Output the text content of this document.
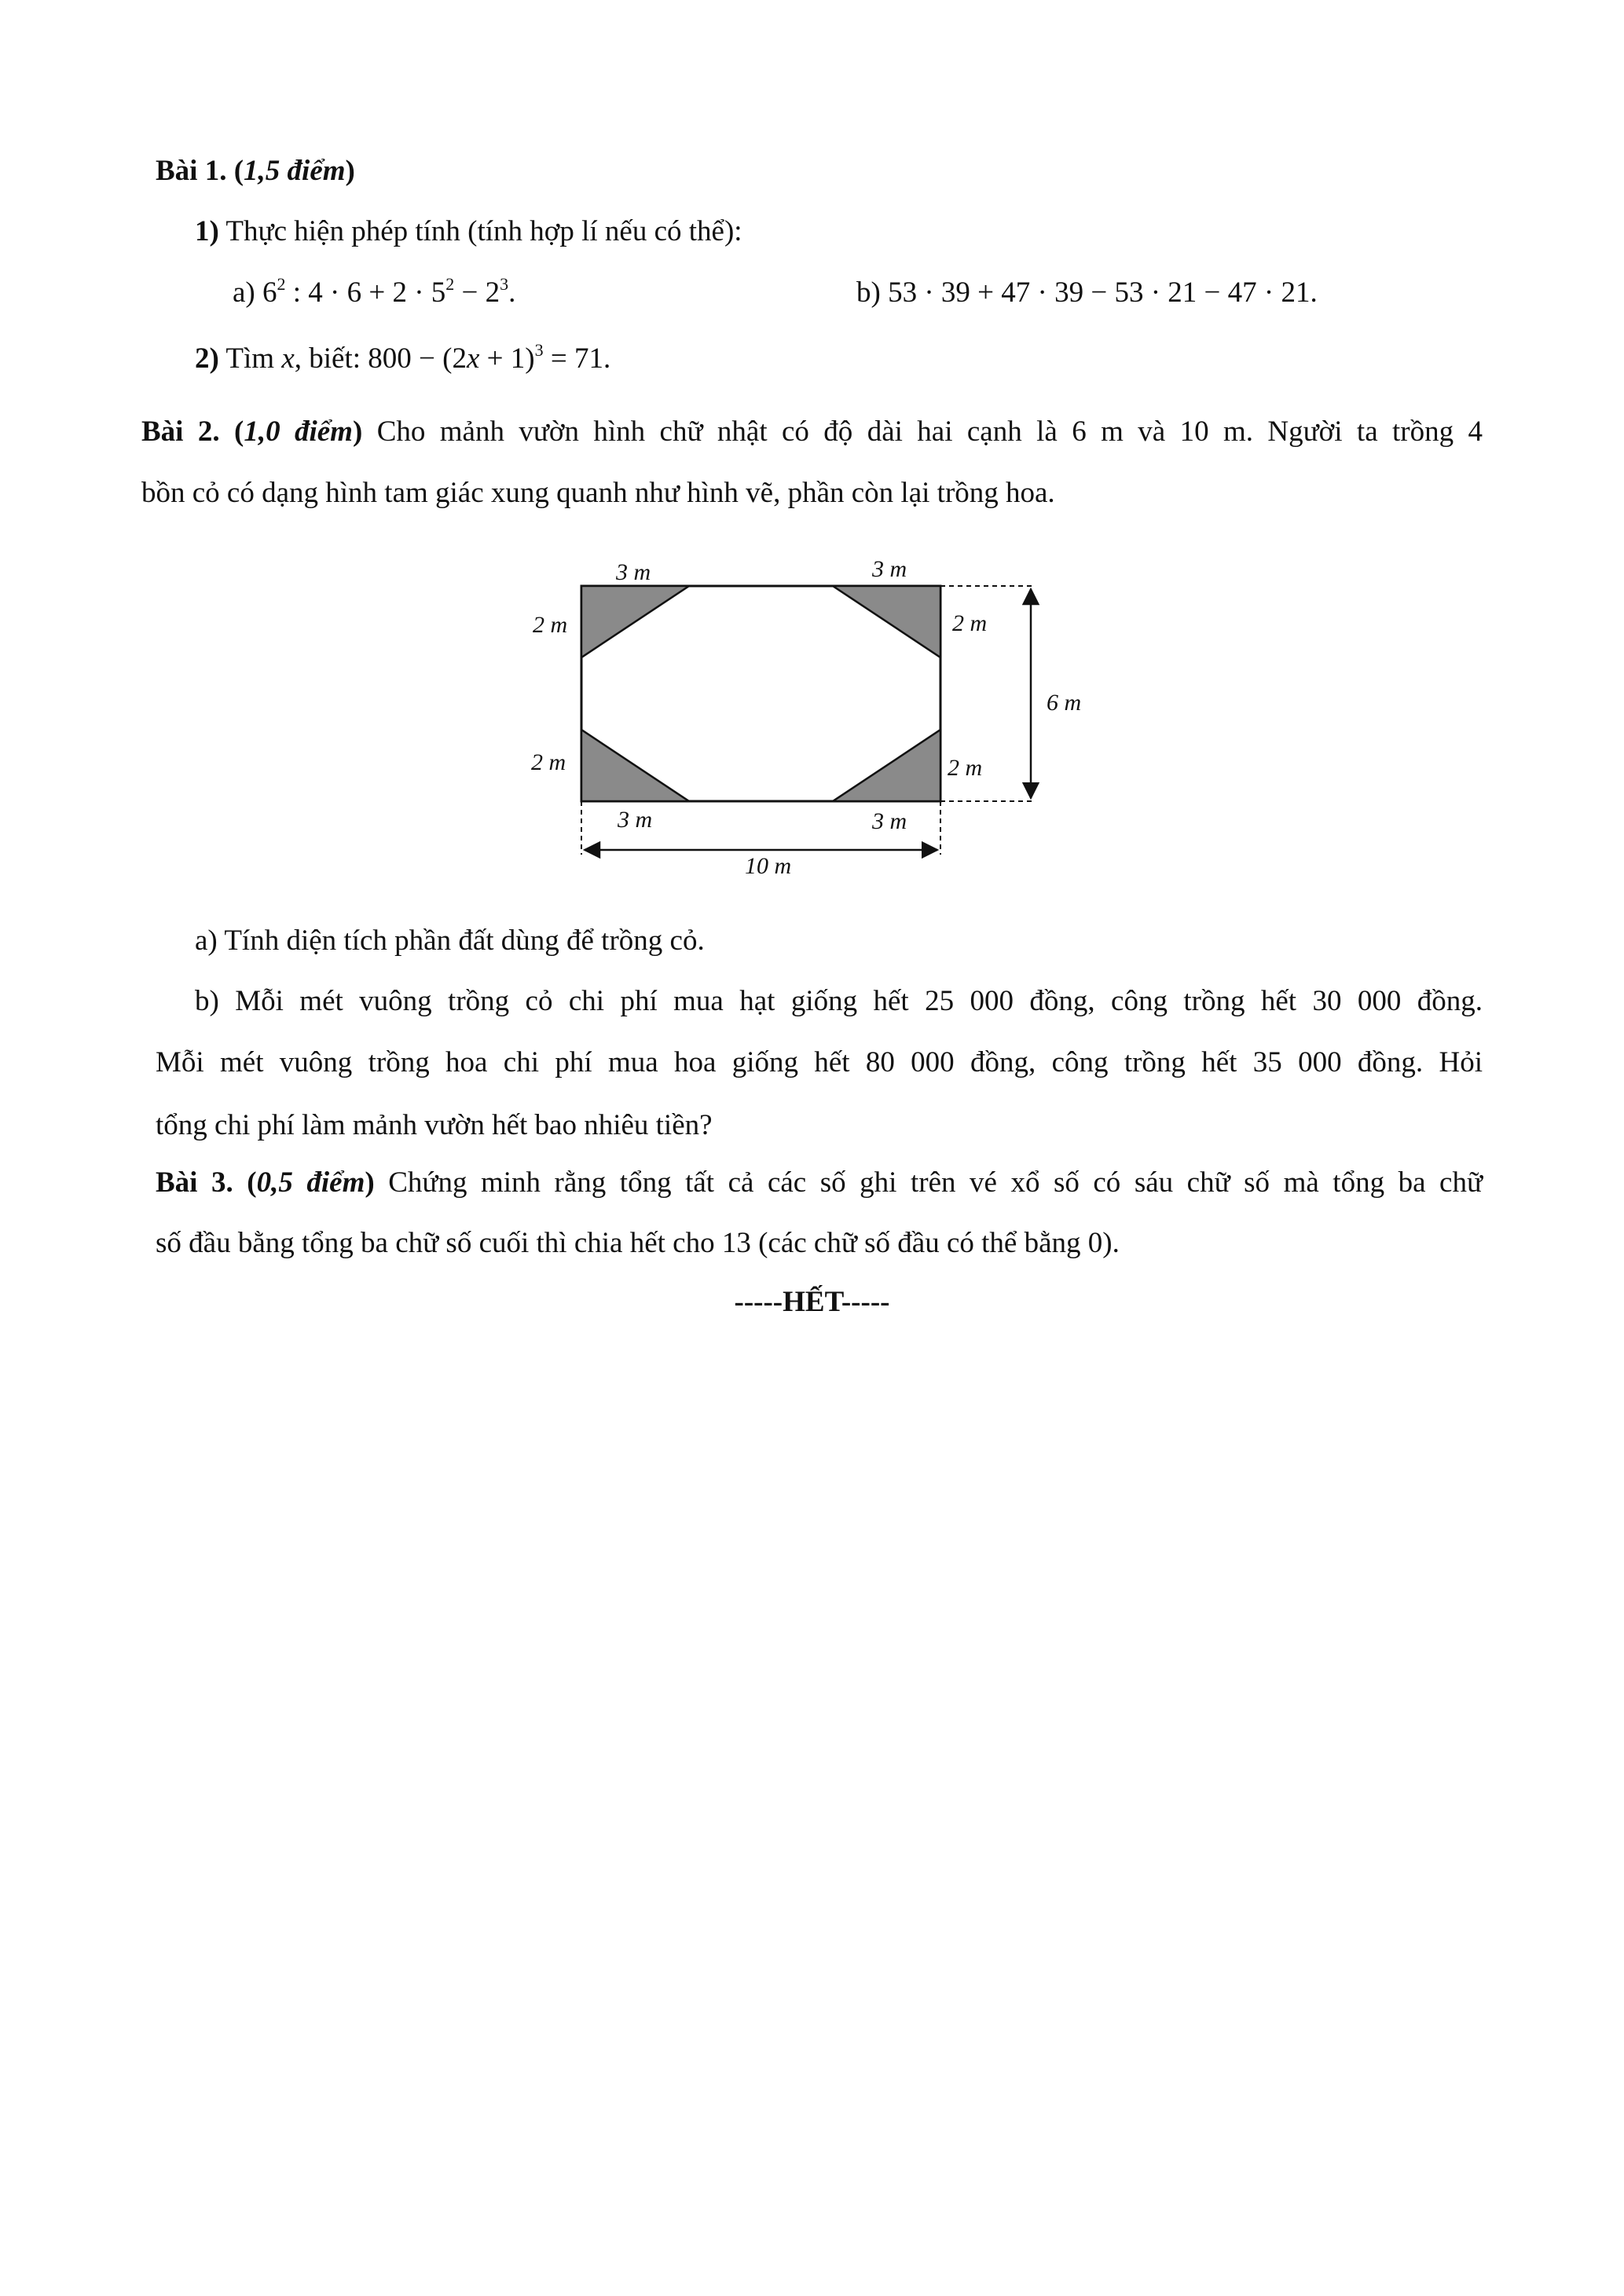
Bài 1. (1,5 điểm)
1) Thực hiện phép tính (tính hợp lí nếu có thể):
a) $6^2$ : $4 \cdot 6 + 2 \cdot 5^2 - 2^3$.	b) 53 · 39 + 47 · 39 − 53 · 21 − 47 · 21.
2) Tìm x, biết: $800 - (2x + 1)^3 = 71$.
Bài 2. (1,0 điểm) Cho mảnh vườn hình chữ nhật có độ dài hai cạnh là 6 m và 10 m. Người ta trồng 4
bồn cỏ có dạng hình tam giác xung quanh như hình vẽ, phần còn lại trồng hoa.
3 m	3 m
2 m	2 m
2 m	2 m
3 m	3 m
6 m
10 m
a) Tính diện tích phần đất dùng để trồng cỏ.
b) Mỗi mét vuông trồng cỏ chi phí mua hạt giống hết 25 000 đồng, công trồng hết 30 000 đồng.
Mỗi mét vuông trồng hoa chi phí mua hoa giống hết 80 000 đồng, công trồng hết 35 000 đồng. Hỏi
tổng chi phí làm mảnh vườn hết bao nhiêu tiền?
Bài 3. (0,5 điểm) Chứng minh rằng tổng tất cả các số ghi trên vé xổ số có sáu chữ số mà tổng ba chữ
số đầu bằng tổng ba chữ số cuối thì chia hết cho 13 (các chữ số đầu có thể bằng 0).
-----HẾT-----
